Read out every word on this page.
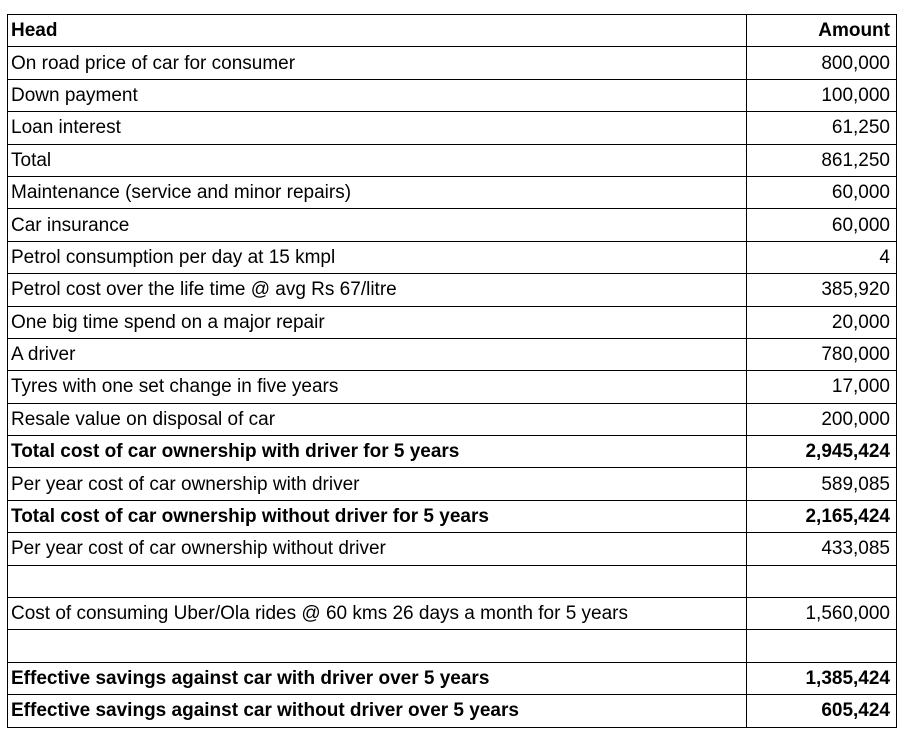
Head	Amount
On road price of car for consumer	800,000
Down payment	100,000
Loan interest	61,250
Total	861,250
Maintenance (service and minor repairs)	60,000
Car insurance	60,000
Petrol consumption per day at 15 kmpl	4
Petrol cost over the life time @ avg Rs 67/litre	385,920
One big time spend on a major repair	20,000
A driver	780,000
Tyres with one set change in five years	17,000
Resale value on disposal of car	200,000
Total cost of car ownership with driver for 5 years	2,945,424
Per year cost of car ownership with driver	589,085
Total cost of car ownership without driver for 5 years	2,165,424
Per year cost of car ownership without driver	433,085

Cost of consuming Uber/Ola rides @ 60 kms 26 days a month for 5 years	1,560,000

Effective savings against car with driver over 5 years	1,385,424
Effective savings against car without driver over 5 years	605,424
